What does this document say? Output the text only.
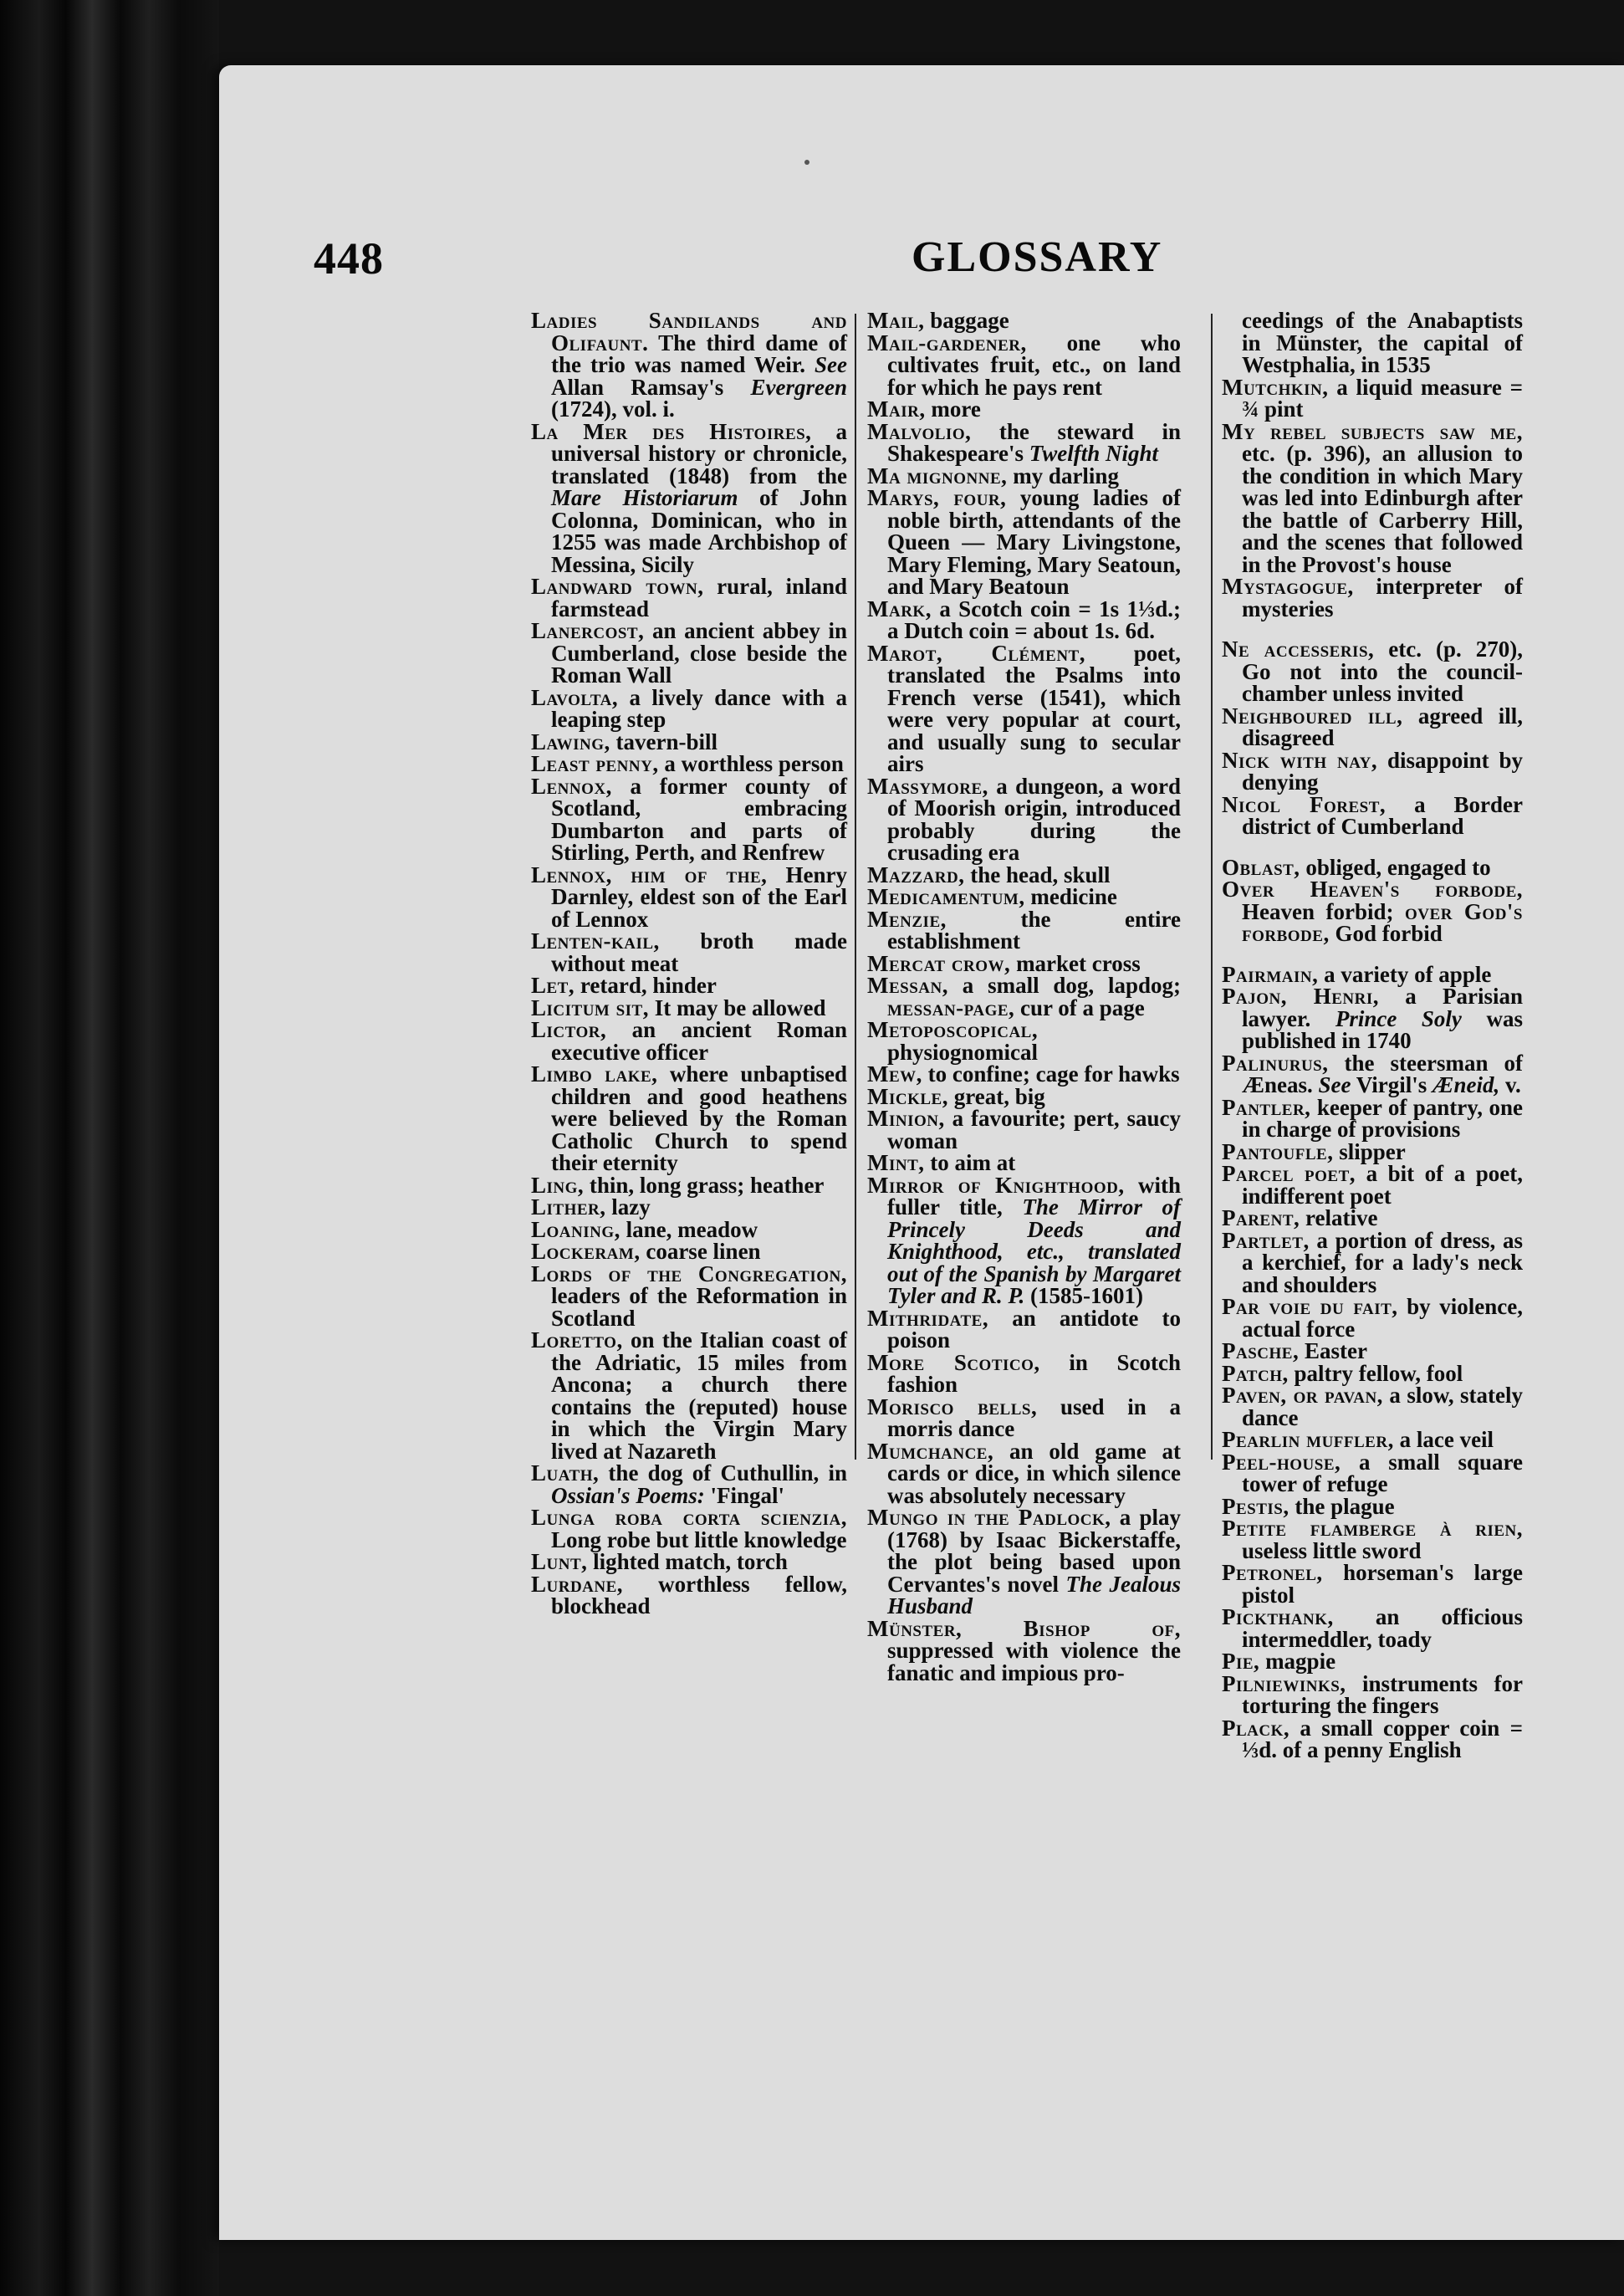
448	GLOSSARY

Ladies Sandilands and Olifaunt. The third dame of the trio was named Weir. See Allan Ramsay's Evergreen (1724), vol. i.

La Mer des Histoires, a universal history or chronicle, translated (1848) from the Mare Historiarum of John Colonna, Dominican, who in 1255 was made Archbishop of Messina, Sicily

Landward town, rural, inland farmstead

Lanercost, an ancient abbey in Cumberland, close beside the Roman Wall

Lavolta, a lively dance with a leaping step

Lawing, tavern-bill

Least penny, a worthless person

Lennox, a former county of Scotland, embracing Dumbarton and parts of Stirling, Perth, and Renfrew

Lennox, him of the, Henry Darnley, eldest son of the Earl of Lennox

Lenten-kail, broth made without meat

Let, retard, hinder

Licitum sit, It may be allowed

Lictor, an ancient Roman executive officer

Limbo lake, where unbaptised children and good heathens were believed by the Roman Catholic Church to spend their eternity

Ling, thin, long grass; heather

Lither, lazy

Loaning, lane, meadow

Lockeram, coarse linen

Lords of the Congregation, leaders of the Reformation in Scotland

Loretto, on the Italian coast of the Adriatic, 15 miles from Ancona; a church there contains the (reputed) house in which the Virgin Mary lived at Nazareth

Luath, the dog of Cuthullin, in Ossian's Poems: 'Fingal'

Lunga roba corta scienzia, Long robe but little knowledge

Lunt, lighted match, torch

Lurdane, worthless fellow, blockhead

Mail, baggage

Mail-gardener, one who cultivates fruit, etc., on land for which he pays rent

Mair, more

Malvolio, the steward in Shakespeare's Twelfth Night

Ma mignonne, my darling

Marys, four, young ladies of noble birth, attendants of the Queen — Mary Livingstone, Mary Fleming, Mary Seatoun, and Mary Beatoun

Mark, a Scotch coin = 1s 1⅓d.; a Dutch coin = about 1s. 6d.

Marot, Clément, poet, translated the Psalms into French verse (1541), which were very popular at court, and usually sung to secular airs

Massymore, a dungeon, a word of Moorish origin, introduced probably during the crusading era

Mazzard, the head, skull

Medicamentum, medicine

Menzie, the entire establishment

Mercat crow, market cross

Messan, a small dog, lapdog; messan-page, cur of a page

Metoposcopical, physiognomical

Mew, to confine; cage for hawks

Mickle, great, big

Minion, a favourite; pert, saucy woman

Mint, to aim at

Mirror of Knighthood, with fuller title, The Mirror of Princely Deeds and Knighthood, etc., translated out of the Spanish by Margaret Tyler and R. P. (1585-1601)

Mithridate, an antidote to poison

More Scotico, in Scotch fashion

Morisco bells, used in a morris dance

Mumchance, an old game at cards or dice, in which silence was absolutely necessary

Mungo in the Padlock, a play (1768) by Isaac Bickerstaffe, the plot being based upon Cervantes's novel The Jealous Husband

Münster, Bishop of, suppressed with violence the fanatic and impious pro-

ceedings of the Anabaptists in Münster, the capital of Westphalia, in 1535

Mutchkin, a liquid measure = ¾ pint

My rebel subjects saw me, etc. (p. 396), an allusion to the condition in which Mary was led into Edinburgh after the battle of Carberry Hill, and the scenes that followed in the Provost's house

Mystagogue, interpreter of mysteries

Ne accesseris, etc. (p. 270), Go not into the council-chamber unless invited

Neighboured ill, agreed ill, disagreed

Nick with nay, disappoint by denying

Nicol Forest, a Border district of Cumberland

Oblast, obliged, engaged to

Over Heaven's forbode, Heaven forbid; over God's forbode, God forbid

Pairmain, a variety of apple

Pajon, Henri, a Parisian lawyer. Prince Soly was published in 1740

Palinurus, the steersman of Æneas. See Virgil's Æneid, v.

Pantler, keeper of pantry, one in charge of provisions

Pantoufle, slipper

Parcel poet, a bit of a poet, indifferent poet

Parent, relative

Partlet, a portion of dress, as a kerchief, for a lady's neck and shoulders

Par voie du fait, by violence, actual force

Pasche, Easter

Patch, paltry fellow, fool

Paven, or pavan, a slow, stately dance

Pearlin muffler, a lace veil

Peel-house, a small square tower of refuge

Pestis, the plague

Petite flamberge à rien, useless little sword

Petronel, horseman's large pistol

Pickthank, an officious intermeddler, toady

Pie, magpie

Pilniewinks, instruments for torturing the fingers

Plack, a small copper coin = ⅓d. of a penny English
